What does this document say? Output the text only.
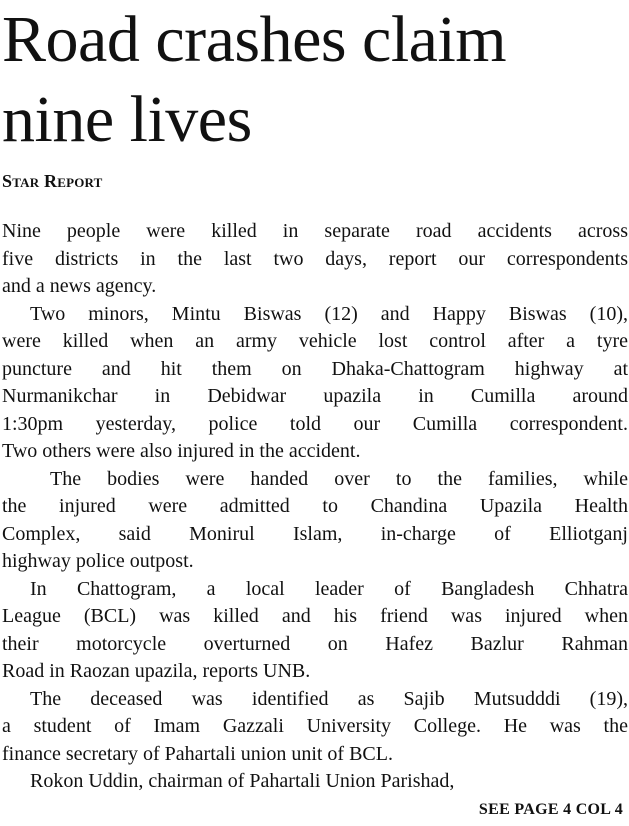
Road crashes claim
nine lives
Star Report
Nine people were killed in separate road accidents across
five districts in the last two days, report our correspondents
and a news agency.
Two minors, Mintu Biswas (12) and Happy Biswas (10),
were killed when an army vehicle lost control after a tyre
puncture and hit them on Dhaka-Chattogram highway at
Nurmanikchar in Debidwar upazila in Cumilla around
1:30pm yesterday, police told our Cumilla correspondent.
Two others were also injured in the accident.
The bodies were handed over to the families, while
the injured were admitted to Chandina Upazila Health
Complex, said Monirul Islam, in-charge of Elliotganj
highway police outpost.
In Chattogram, a local leader of Bangladesh Chhatra
League (BCL) was killed and his friend was injured when
their motorcycle overturned on Hafez Bazlur Rahman
Road in Raozan upazila, reports UNB.
The deceased was identified as Sajib Mutsudddi (19),
a student of Imam Gazzali University College. He was the
finance secretary of Pahartali union unit of BCL.
Rokon Uddin, chairman of Pahartali Union Parishad,
SEE PAGE 4 COL 4
